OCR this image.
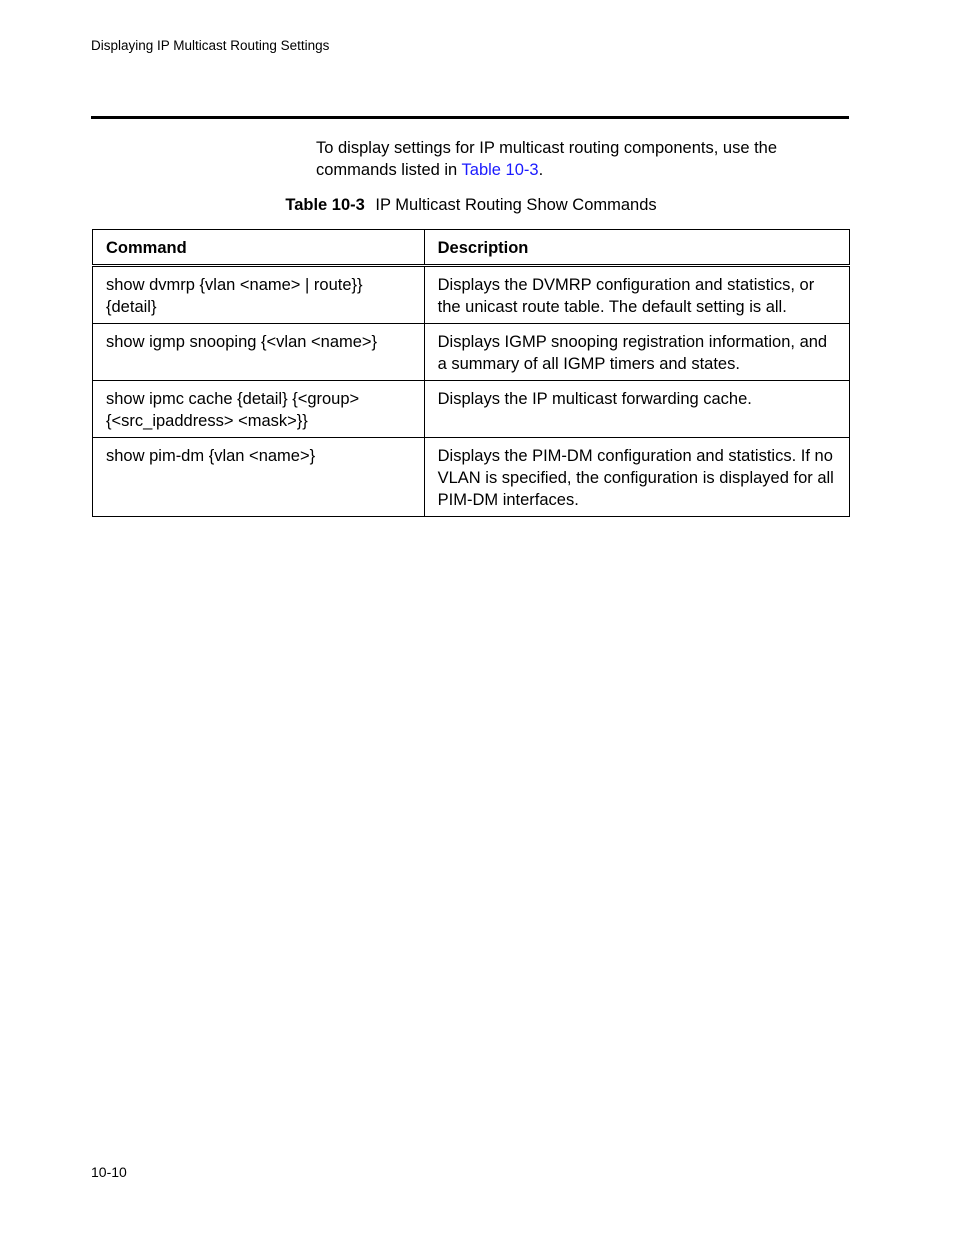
Displaying IP Multicast Routing Settings

To display settings for IP multicast routing components, use the commands listed in Table 10-3.

Table 10-3 IP Multicast Routing Show Commands
Command	Description
show dvmrp {vlan <name> | route}} {detail}	Displays the DVMRP configuration and statistics, or the unicast route table. The default setting is all.
show igmp snooping {<vlan <name>}	Displays IGMP snooping registration information, and a summary of all IGMP timers and states.
show ipmc cache {detail} {<group> {<src_ipaddress> <mask>}}	Displays the IP multicast forwarding cache.
show pim-dm {vlan <name>}	Displays the PIM-DM configuration and statistics. If no VLAN is specified, the configuration is displayed for all PIM-DM interfaces.
10-10
